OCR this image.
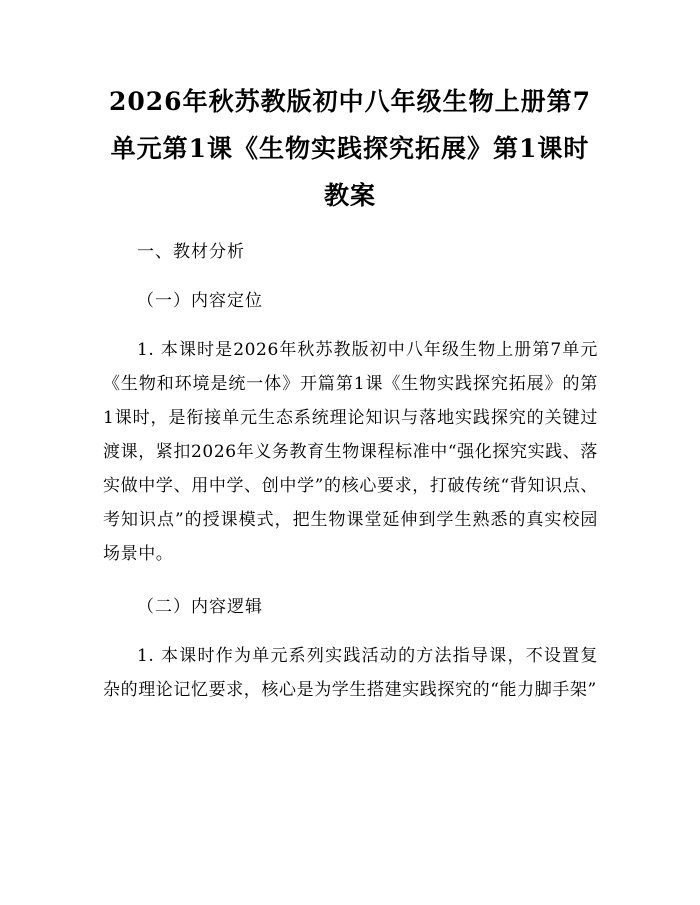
2026年秋苏教版初中八年级生物上册第7单元第1课《生物实践探究拓展》第1课时教案
一、教材分析
（一）内容定位
1. 本课时是2026年秋苏教版初中八年级生物上册第7单元《生物和环境是统一体》开篇第1课《生物实践探究拓展》的第1课时，是衔接单元生态系统理论知识与落地实践探究的关键过渡课，紧扣2026年义务教育生物课程标准中“强化探究实践、落实做中学、用中学、创中学”的核心要求，打破传统“背知识点、考知识点”的授课模式，把生物课堂延伸到学生熟悉的真实校园场景中。
（二）内容逻辑
1. 本课时作为单元系列实践活动的方法指导课，不设置复杂的理论记忆要求，核心是为学生搭建实践探究的“能力脚手架”
